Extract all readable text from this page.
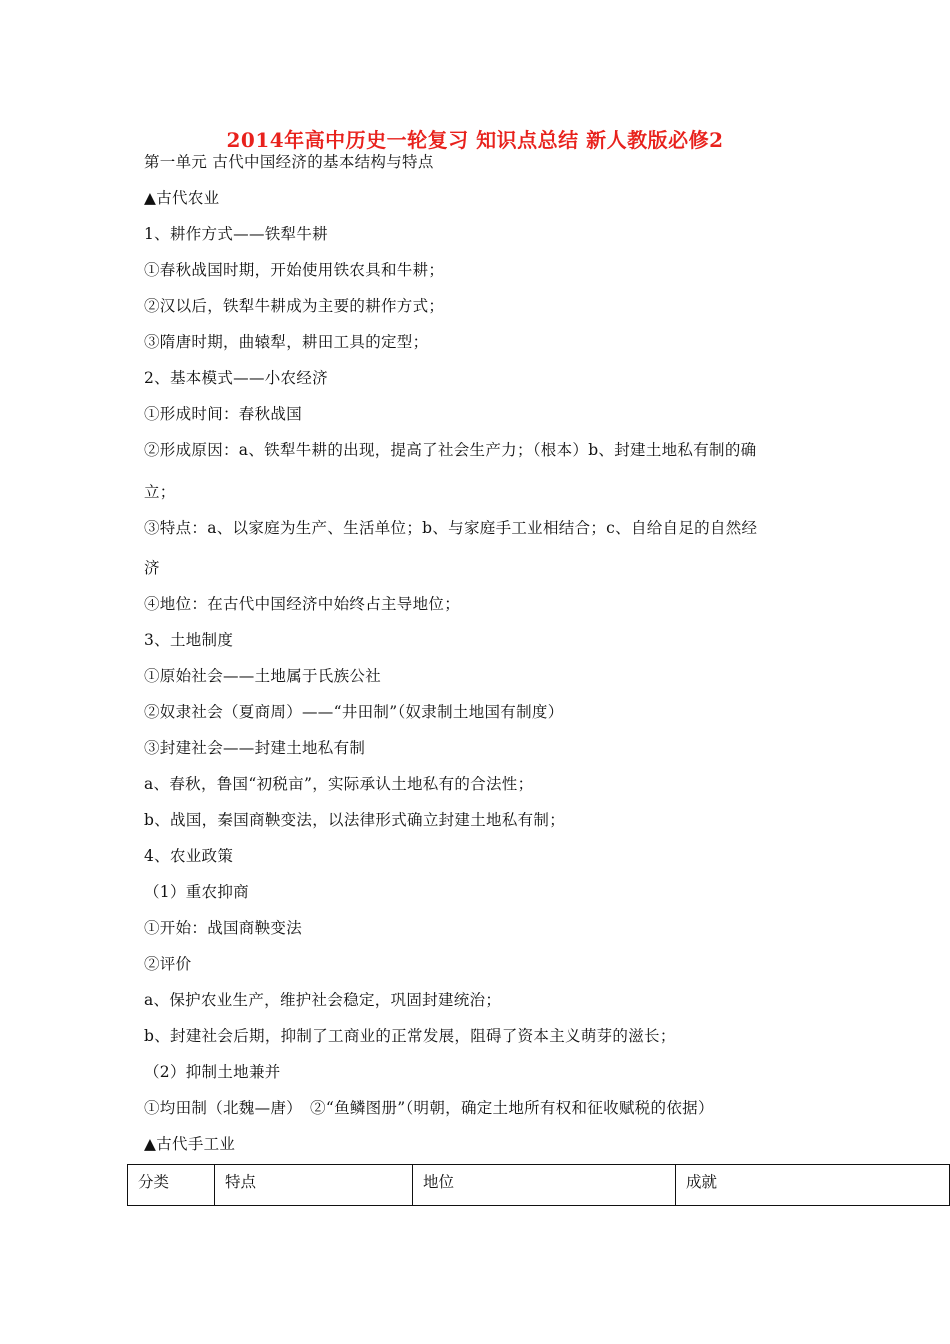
2014年高中历史一轮复习 知识点总结 新人教版必修2
第一单元 古代中国经济的基本结构与特点
▲古代农业
1、耕作方式——铁犁牛耕
①春秋战国时期，开始使用铁农具和牛耕；
②汉以后，铁犁牛耕成为主要的耕作方式；
③隋唐时期，曲辕犁，耕田工具的定型；
2、基本模式——小农经济
①形成时间：春秋战国
②形成原因：a、铁犁牛耕的出现，提高了社会生产力；（根本）b、封建土地私有制的确
立；
③特点：a、以家庭为生产、生活单位；b、与家庭手工业相结合；c、自给自足的自然经
济
④地位：在古代中国经济中始终占主导地位；
3、土地制度
①原始社会——土地属于氏族公社
②奴隶社会（夏商周）——“井田制”（奴隶制土地国有制度）
③封建社会——封建土地私有制
a、春秋，鲁国“初税亩”，实际承认土地私有的合法性；
b、战国，秦国商鞅变法，以法律形式确立封建土地私有制；
4、农业政策
（1）重农抑商
①开始：战国商鞅变法
②评价
a、保护农业生产，维护社会稳定，巩固封建统治；
b、封建社会后期，抑制了工商业的正常发展，阻碍了资本主义萌芽的滋长；
（2）抑制土地兼并
①均田制（北魏—唐）　②“鱼鳞图册”（明朝，确定土地所有权和征收赋税的依据）
▲古代手工业
分类	特点	地位	成就
